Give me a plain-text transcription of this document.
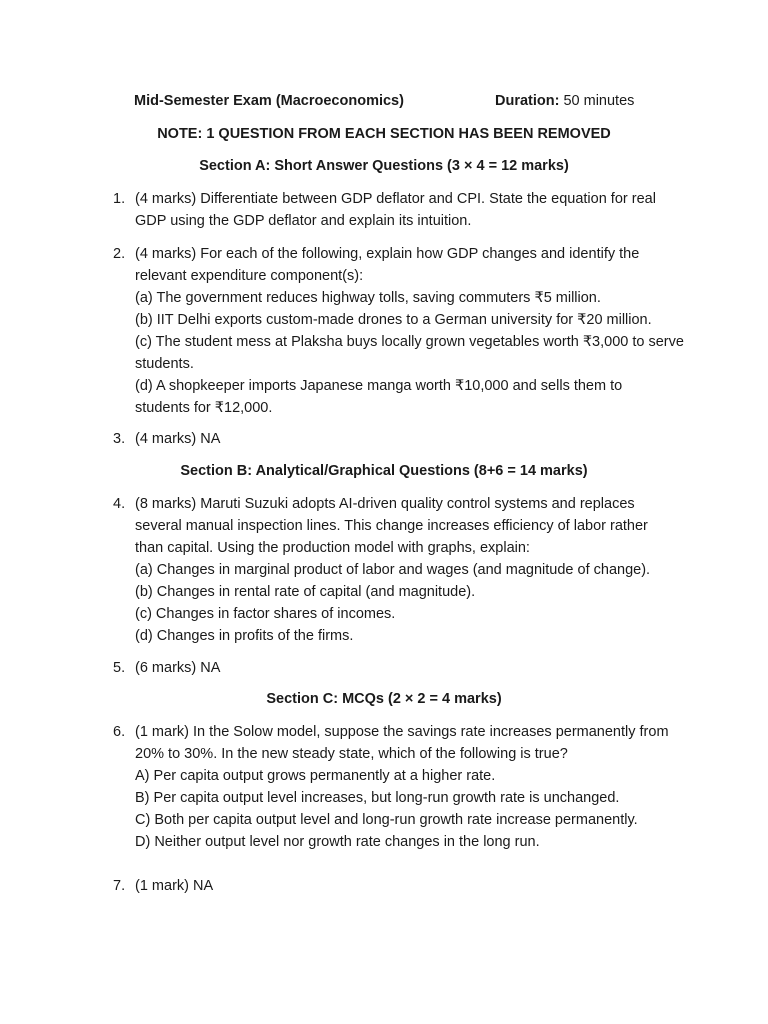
Mid-Semester Exam (Macroeconomics)	Duration: 50 minutes
NOTE: 1 QUESTION FROM EACH SECTION HAS BEEN REMOVED
Section A: Short Answer Questions (3 × 4 = 12 marks)
1. (4 marks) Differentiate between GDP deflator and CPI. State the equation for real
GDP using the GDP deflator and explain its intuition.
2. (4 marks) For each of the following, explain how GDP changes and identify the
relevant expenditure component(s):
(a) The government reduces highway tolls, saving commuters ₹5 million.
(b) IIT Delhi exports custom-made drones to a German university for ₹20 million.
(c) The student mess at Plaksha buys locally grown vegetables worth ₹3,000 to serve
students.
(d) A shopkeeper imports Japanese manga worth ₹10,000 and sells them to
students for ₹12,000.
3. (4 marks) NA
Section B: Analytical/Graphical Questions (8+6 = 14 marks)
4. (8 marks) Maruti Suzuki adopts AI-driven quality control systems and replaces
several manual inspection lines. This change increases efficiency of labor rather
than capital. Using the production model with graphs, explain:
(a) Changes in marginal product of labor and wages (and magnitude of change).
(b) Changes in rental rate of capital (and magnitude).
(c) Changes in factor shares of incomes.
(d) Changes in profits of the firms.
5. (6 marks) NA
Section C: MCQs (2 × 2 = 4 marks)
6. (1 mark) In the Solow model, suppose the savings rate increases permanently from
20% to 30%. In the new steady state, which of the following is true?
A) Per capita output grows permanently at a higher rate.
B) Per capita output level increases, but long-run growth rate is unchanged.
C) Both per capita output level and long-run growth rate increase permanently.
D) Neither output level nor growth rate changes in the long run.
7. (1 mark) NA
